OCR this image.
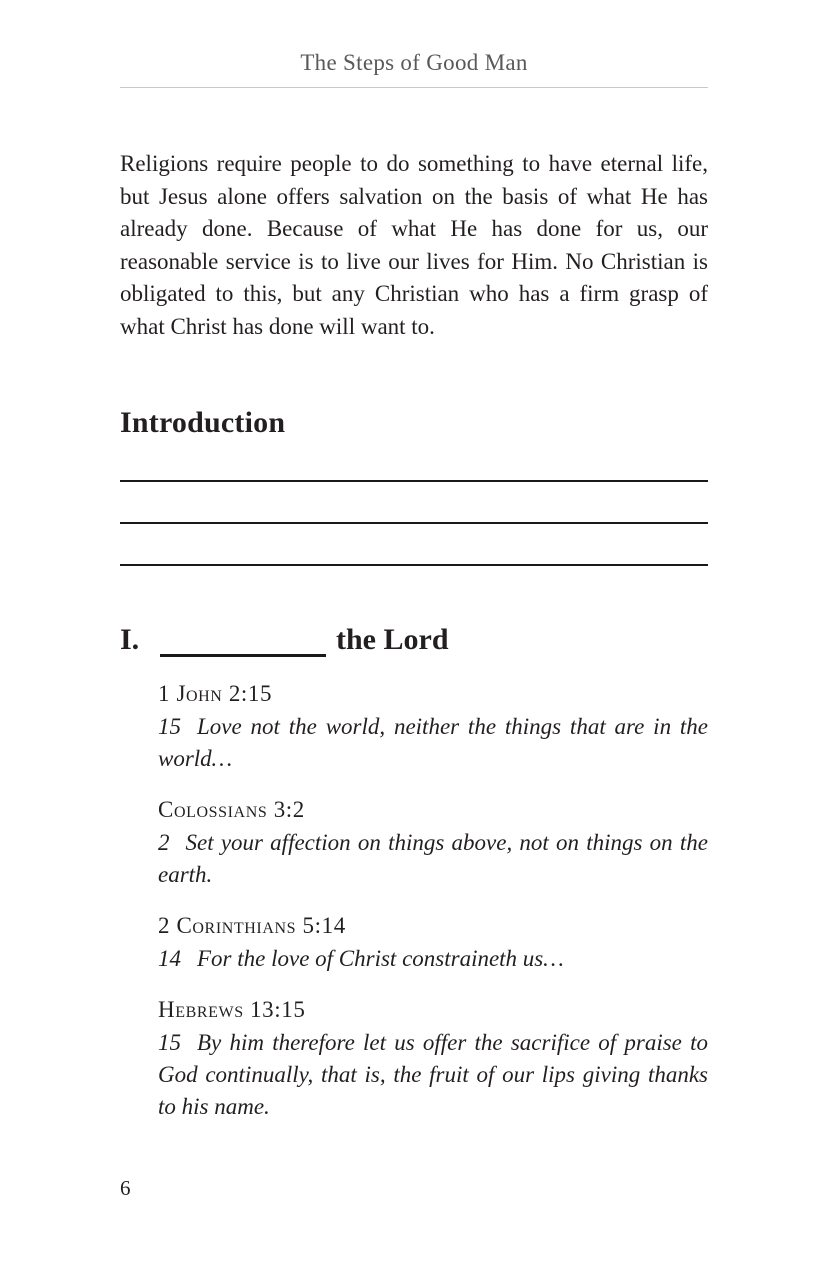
The Steps of Good Man

Religions require people to do something to have eternal life, but Jesus alone offers salvation on the basis of what He has already done. Because of what He has done for us, our reasonable service is to live our lives for Him. No Christian is obligated to this, but any Christian who has a firm grasp of what Christ has done will want to.

Introduction
I.	the Lord
1 John 2:15

15 Love not the world, neither the things that are in the world…

Colossians 3:2

2 Set your affection on things above, not on things on the earth.

2 Corinthians 5:14

14 For the love of Christ constraineth us…

Hebrews 13:15

15 By him therefore let us offer the sacrifice of praise to God continually, that is, the fruit of our lips giving thanks to his name.

6
